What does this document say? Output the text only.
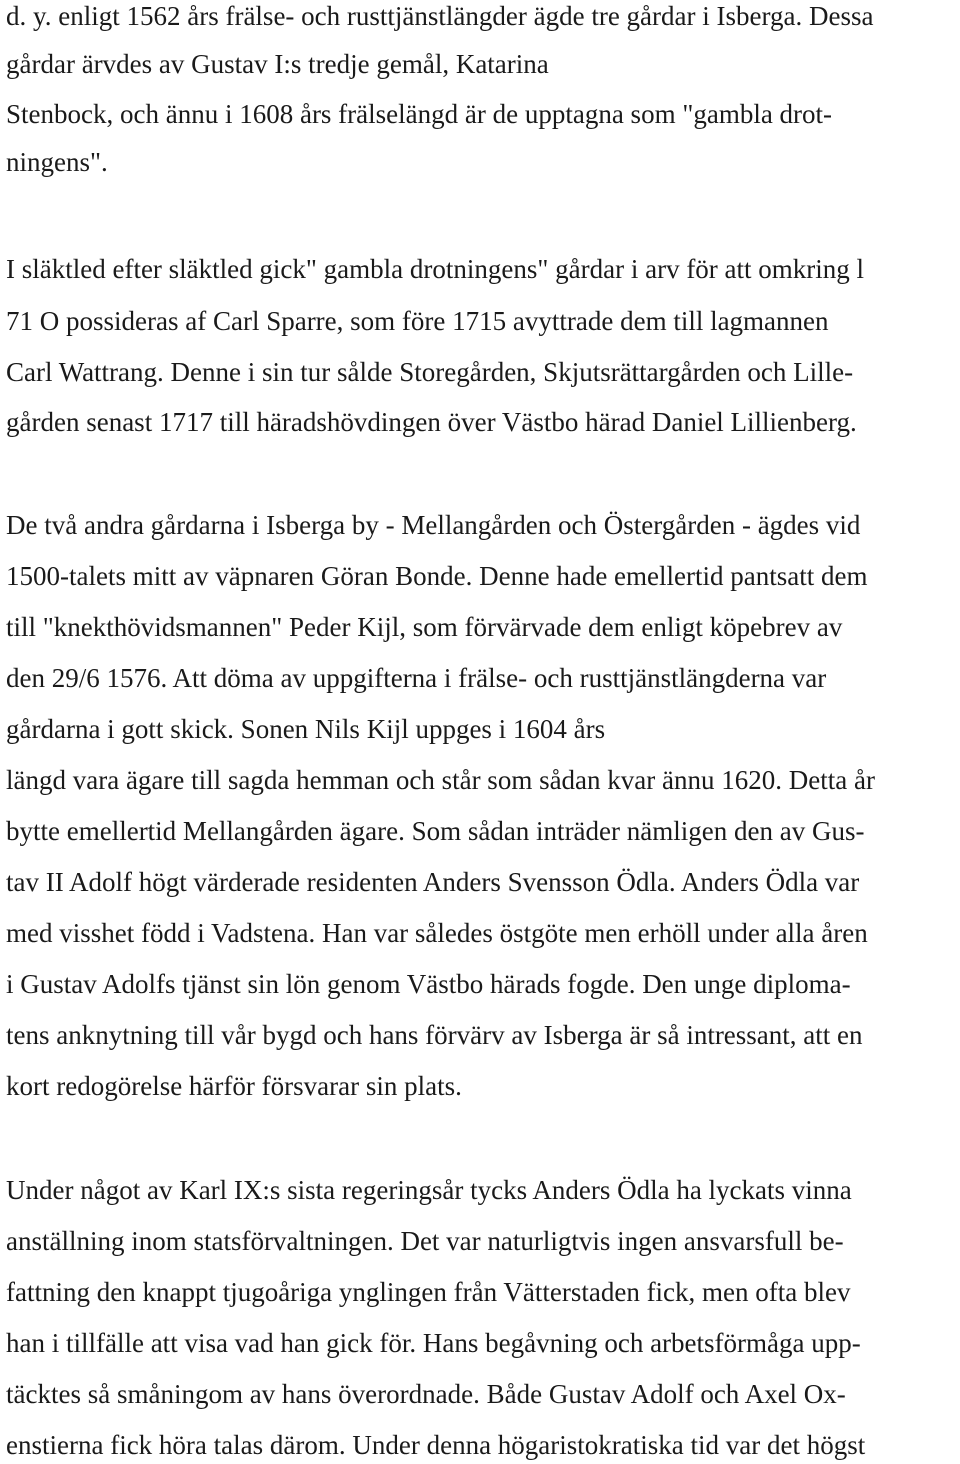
d. y. enligt 1562 års frälse- och rusttjänstlängder ägde tre gårdar i Isberga. Dessa
gårdar ärvdes av Gustav I:s tredje gemål, Katarina
Stenbock, och ännu i 1608 års frälselängd är de upptagna som "gambla drot-
ningens".
I släktled efter släktled gick" gambla drotningens" gårdar i arv för att omkring l
71 O possideras af Carl Sparre, som före 1715 avyttrade dem till lagmannen
Carl Wattrang. Denne i sin tur sålde Storegården, Skjutsrättargården och Lille-
gården senast 1717 till häradshövdingen över Västbo härad Daniel Lillienberg.
De två andra gårdarna i Isberga by - Mellangården och Östergården - ägdes vid
1500-talets mitt av väpnaren Göran Bonde. Denne hade emellertid pantsatt dem
till "knekthövidsmannen" Peder Kijl, som förvärvade dem enligt köpebrev av
den 29/6 1576. Att döma av uppgifterna i frälse- och rusttjänstlängderna var
gårdarna i gott skick. Sonen Nils Kijl uppges i 1604 års
längd vara ägare till sagda hemman och står som sådan kvar ännu 1620. Detta år
bytte emellertid Mellangården ägare. Som sådan inträder nämligen den av Gus-
tav II Adolf högt värderade residenten Anders Svensson Ödla. Anders Ödla var
med visshet född i Vadstena. Han var således östgöte men erhöll under alla åren
i Gustav Adolfs tjänst sin lön genom Västbo härads fogde. Den unge diploma-
tens anknytning till vår bygd och hans förvärv av Isberga är så intressant, att en
kort redogörelse härför försvarar sin plats.
Under något av Karl IX:s sista regeringsår tycks Anders Ödla ha lyckats vinna
anställning inom statsförvaltningen. Det var naturligtvis ingen ansvarsfull be-
fattning den knappt tjugoåriga ynglingen från Vätterstaden fick, men ofta blev
han i tillfälle att visa vad han gick för. Hans begåvning och arbetsförmåga upp-
täcktes så småningom av hans överordnade. Både Gustav Adolf och Axel Ox-
enstierna fick höra talas därom. Under denna högaristokratiska tid var det högst
